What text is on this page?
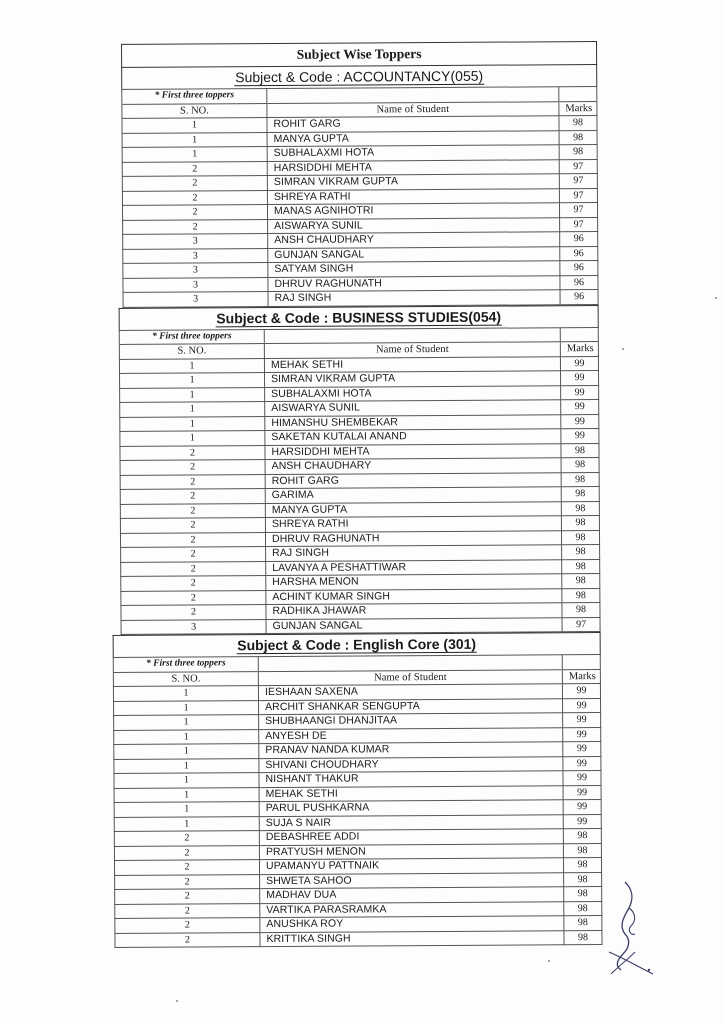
Subject Wise Toppers
Subject & Code : ACCOUNTANCY(055)
* First three toppers		
S. NO.	Name of Student	Marks
1	ROHIT GARG	98
1	MANYA GUPTA	98
1	SUBHALAXMI HOTA	98
2	HARSIDDHI MEHTA	97
2	SIMRAN VIKRAM GUPTA	97
2	SHREYA RATHI	97
2	MANAS AGNIHOTRI	97
2	AISWARYA SUNIL	97
3	ANSH CHAUDHARY	96
3	GUNJAN SANGAL	96
3	SATYAM SINGH	96
3	DHRUV RAGHUNATH	96
3	RAJ SINGH	96
Subject & Code : BUSINESS STUDIES(054)
* First three toppers		
S. NO.	Name of Student	Marks
1	MEHAK SETHI	99
1	SIMRAN VIKRAM GUPTA	99
1	SUBHALAXMI HOTA	99
1	AISWARYA SUNIL	99
1	HIMANSHU SHEMBEKAR	99
1	SAKETAN KUTALAI ANAND	99
2	HARSIDDHI MEHTA	98
2	ANSH CHAUDHARY	98
2	ROHIT GARG	98
2	GARIMA	98
2	MANYA GUPTA	98
2	SHREYA RATHI	98
2	DHRUV RAGHUNATH	98
2	RAJ SINGH	98
2	LAVANYA A PESHATTIWAR	98
2	HARSHA MENON	98
2	ACHINT KUMAR SINGH	98
2	RADHIKA JHAWAR	98
3	GUNJAN SANGAL	97
Subject & Code : English Core (301)
* First three toppers		
S. NO.	Name of Student	Marks
1	IESHAAN SAXENA	99
1	ARCHIT SHANKAR SENGUPTA	99
1	SHUBHAANGI DHANJITAA	99
1	ANYESH DE	99
1	PRANAV NANDA KUMAR	99
1	SHIVANI CHOUDHARY	99
1	NISHANT THAKUR	99
1	MEHAK SETHI	99
1	PARUL PUSHKARNA	99
1	SUJA S NAIR	99
2	DEBASHREE ADDI	98
2	PRATYUSH MENON	98
2	UPAMANYU PATTNAIK	98
2	SHWETA SAHOO	98
2	MADHAV DUA	98
2	VARTIKA PARASRAMKA	98
2	ANUSHKA ROY	98
2	KRITTIKA SINGH	98
